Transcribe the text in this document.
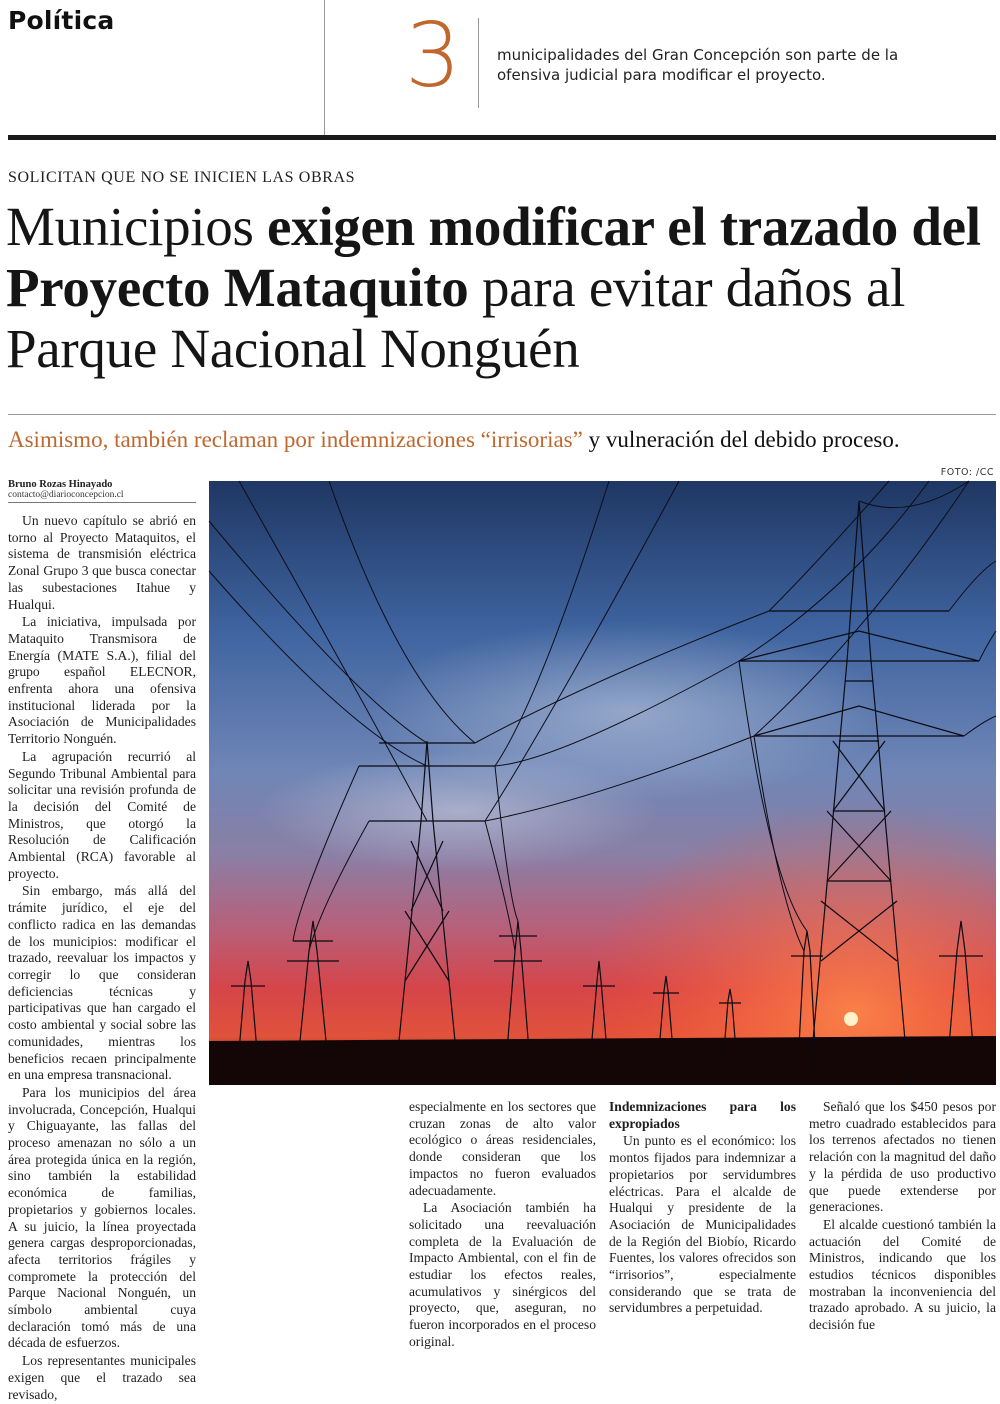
Política	3 municipalidades del Gran Concepción son parte de la ofensiva judicial para modificar el proyecto.
SOLICITAN QUE NO SE INICIEN LAS OBRAS
Municipios exigen modificar el trazado del Proyecto Mataquito para evitar daños al Parque Nacional Nonguén
Asimismo, también reclaman por indemnizaciones “irrisorias” y vulneración del debido proceso.
FOTO: /CC
Bruno Rozas Hinayado
contacto@diarioconcepcion.cl

Un nuevo capítulo se abrió en torno al Proyecto Mataquitos, el sistema de transmisión eléctrica Zonal Grupo 3 que busca conectar las subestaciones Itahue y Hualqui.

La iniciativa, impulsada por Mataquito Transmisora de Energía (MATE S.A.), filial del grupo español ELECNOR, enfrenta ahora una ofensiva institucional liderada por la Asociación de Municipalidades Territorio Nonguén.

La agrupación recurrió al Segundo Tribunal Ambiental para solicitar una revisión profunda de la decisión del Comité de Ministros, que otorgó la Resolución de Calificación Ambiental (RCA) favorable al proyecto.

Sin embargo, más allá del trámite jurídico, el eje del conflicto radica en las demandas de los municipios: modificar el trazado, reevaluar los impactos y corregir lo que consideran deficiencias técnicas y participativas que han cargado el costo ambiental y social sobre las comunidades, mientras los beneficios recaen principalmente en una empresa transnacional.

Para los municipios del área involucrada, Concepción, Hualqui y Chiguayante, las fallas del proceso amenazan no sólo a un área protegida única en la región, sino también la estabilidad económica de familias, propietarios y gobiernos locales. A su juicio, la línea proyectada genera cargas desproporcionadas, afecta territorios frágiles y compromete la protección del Parque Nacional Nonguén, un símbolo ambiental cuya declaración tomó más de una década de esfuerzos.

Los representantes municipales exigen que el trazado sea revisado,

especialmente en los sectores que cruzan zonas de alto valor ecológico o áreas residenciales, donde consideran que los impactos no fueron evaluados adecuadamente.

La Asociación también ha solicitado una reevaluación completa de la Evaluación de Impacto Ambiental, con el fin de estudiar los efectos reales, acumulativos y sinérgicos del proyecto, que, aseguran, no fueron incorporados en el proceso original.

Indemnizaciones para los expropiados

Un punto es el económico: los montos fijados para indemnizar a propietarios por servidumbres eléctricas. Para el alcalde de Hualqui y presidente de la Asociación de Municipalidades de la Región del Biobío, Ricardo Fuentes, los valores ofrecidos son “irrisorios”, especialmente considerando que se trata de servidumbres a perpetuidad.

Señaló que los $450 pesos por metro cuadrado establecidos para los terrenos afectados no tienen relación con la magnitud del daño y la pérdida de uso productivo que puede extenderse por generaciones.

El alcalde cuestionó también la actuación del Comité de Ministros, indicando que los estudios técnicos disponibles mostraban la inconveniencia del trazado aprobado. A su juicio, la decisión fue
